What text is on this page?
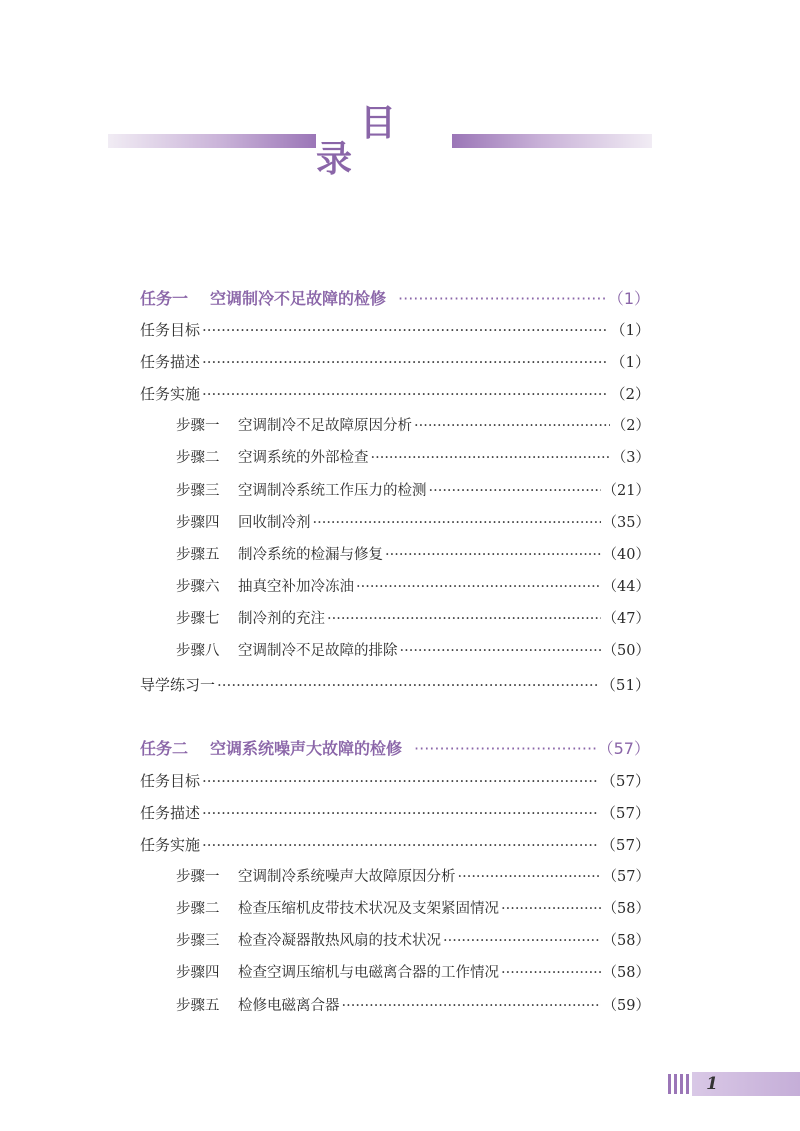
目录
任务一 空调制冷不足故障的检修 ·····	（1）
任务目标 ·····	（1）
任务描述 ·····	（1）
任务实施 ·····	（2）
步骤一	空调制冷不足故障原因分析 ·····	（2）
步骤二	空调系统的外部检查 ·····	（3）
步骤三	空调制冷系统工作压力的检测 ·····	（21）
步骤四	回收制冷剂 ·····	（35）
步骤五	制冷系统的检漏与修复 ·····	（40）
步骤六	抽真空补加冷冻油 ·····	（44）
步骤七	制冷剂的充注 ·····	（47）
步骤八	空调制冷不足故障的排除 ·····	（50）
导学练习一 ·····	（51）
任务二 空调系统噪声大故障的检修 ·····	（57）
任务目标 ·····	（57）
任务描述 ·····	（57）
任务实施 ·····	（57）
步骤一	空调制冷系统噪声大故障原因分析 ·····	（57）
步骤二	检查压缩机皮带技术状况及支架紧固情况 ·····	（58）
步骤三	检查冷凝器散热风扇的技术状况 ·····	（58）
步骤四	检查空调压缩机与电磁离合器的工作情况 ·····	（58）
步骤五	检修电磁离合器 ·····	（59）
1
